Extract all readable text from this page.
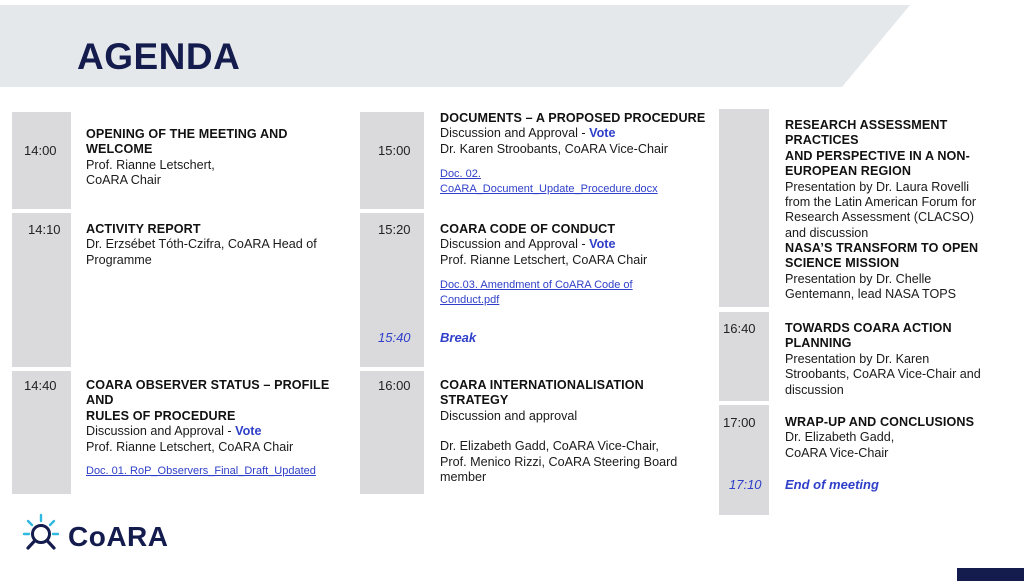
AGENDA
14:00
OPENING OF THE MEETING AND WELCOME
Prof. Rianne Letschert,
CoARA Chair
14:10 ACTIVITY REPORT
Dr. Erzsébet Tóth-Czifra, CoARA Head of
Programme
14:40 COARA OBSERVER STATUS – PROFILE AND
RULES OF PROCEDURE
Discussion and Approval - Vote
Prof. Rianne Letschert, CoARA Chair
Doc. 01. RoP_Observers_Final_Draft_Updated
15:00
DOCUMENTS – A PROPOSED PROCEDURE
Discussion and Approval - Vote
Dr. Karen Stroobants, CoARA Vice-Chair
Doc. 02.
CoARA_Document_Update_Procedure.docx
15:20 COARA CODE OF CONDUCT
Discussion and Approval - Vote
Prof. Rianne Letschert, CoARA Chair
Doc.03. Amendment of CoARA Code of
Conduct.pdf
15:40 Break
16:00 COARA INTERNATIONALISATION
STRATEGY
Discussion and approval
Dr. Elizabeth Gadd, CoARA Vice-Chair,
Prof. Menico Rizzi, CoARA Steering Board
member
RESEARCH ASSESSMENT PRACTICES
AND PERSPECTIVE IN A NON-
EUROPEAN REGION
Presentation by Dr. Laura Rovelli
from the Latin American Forum for
Research Assessment (CLACSO)
and discussion
NASA’S TRANSFORM TO OPEN
SCIENCE MISSION
Presentation by Dr. Chelle
Gentemann, lead NASA TOPS
16:40 TOWARDS COARA ACTION
PLANNING
Presentation by Dr. Karen
Stroobants, CoARA Vice-Chair and
discussion
17:00 WRAP-UP AND CONCLUSIONS
Dr. Elizabeth Gadd,
CoARA Vice-Chair
17:10 End of meeting
CoARA
